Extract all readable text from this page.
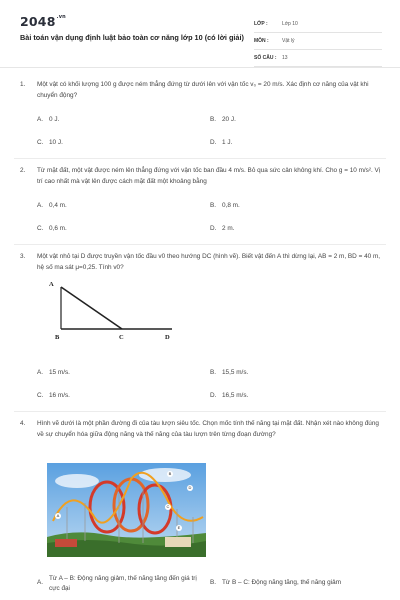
$2048^{.vn}$
Bài toán vận dụng định luật bảo toàn cơ năng lớp 10 (có lời giải)
LỚP :	Lớp 10
MÔN :	Vật lý
SỐ CÂU : 13
1.	Một vật có khối lượng 100 g được ném thẳng đứng từ dưới lên với vận tốc v₀ = 20 m/s. Xác định cơ năng của vật khi chuyển động?
A. 0 J.	B. 20 J.
C. 10 J.	D. 1 J.
2.	Từ mặt đất, một vật được ném lên thẳng đứng với vận tốc ban đầu 4 m/s. Bỏ qua sức cản không khí. Cho g = 10 m/s². Vị trí cao nhất mà vật lên được cách mặt đất một khoảng bằng
A. 0,4 m.	B. 0,8 m.
C. 0,6 m.	D. 2 m.
3.	Một vật nhỏ tại D được truyền vận tốc đầu v0 theo hướng DC (hình vẽ). Biết vật đến A thì dừng lại, AB = 2 m, BD = 40 m, hệ số ma sát μ=0,25. Tính v0?
A
B	C	D
A. 15 m/s.	B. 15,5 m/s.
C. 16 m/s.	D. 16,5 m/s.
4.	Hình vẽ dưới là một phần đường đi của tàu lượn siêu tốc. Chọn mốc tính thế năng tại mặt đất. Nhận xét nào không đúng về sự chuyển hóa giữa động năng và thế năng của tàu lượn trên từng đoạn đường?
A
B
C
D
E
A.
Từ A – B: Động năng giảm, thế năng tăng đến giá trị cực đại
B. Từ B – C: Động năng tăng, thế năng giảm
